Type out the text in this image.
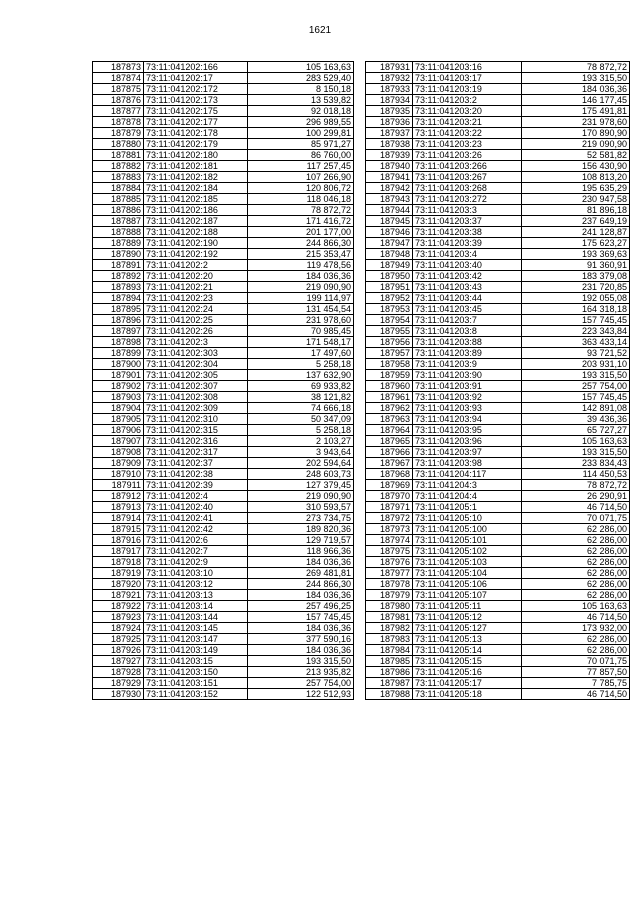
1621
187873	73:11:041202:166	105 163,63
187874	73:11:041202:17	283 529,40
187875	73:11:041202:172	8 150,18
187876	73:11:041202:173	13 539,82
187877	73:11:041202:175	92 018,18
187878	73:11:041202:177	296 989,55
187879	73:11:041202:178	100 299,81
187880	73:11:041202:179	85 971,27
187881	73:11:041202:180	86 760,00
187882	73:11:041202:181	117 257,45
187883	73:11:041202:182	107 266,90
187884	73:11:041202:184	120 806,72
187885	73:11:041202:185	118 046,18
187886	73:11:041202:186	78 872,72
187887	73:11:041202:187	171 416,72
187888	73:11:041202:188	201 177,00
187889	73:11:041202:190	244 866,30
187890	73:11:041202:192	215 353,47
187891	73:11:041202:2	119 478,56
187892	73:11:041202:20	184 036,36
187893	73:11:041202:21	219 090,90
187894	73:11:041202:23	199 114,97
187895	73:11:041202:24	131 454,54
187896	73:11:041202:25	231 978,60
187897	73:11:041202:26	70 985,45
187898	73:11:041202:3	171 548,17
187899	73:11:041202:303	17 497,60
187900	73:11:041202:304	5 258,18
187901	73:11:041202:305	137 632,90
187902	73:11:041202:307	69 933,82
187903	73:11:041202:308	38 121,82
187904	73:11:041202:309	74 666,18
187905	73:11:041202:310	50 347,09
187906	73:11:041202:315	5 258,18
187907	73:11:041202:316	2 103,27
187908	73:11:041202:317	3 943,64
187909	73:11:041202:37	202 594,64
187910	73:11:041202:38	248 603,73
187911	73:11:041202:39	127 379,45
187912	73:11:041202:4	219 090,90
187913	73:11:041202:40	310 593,57
187914	73:11:041202:41	273 734,75
187915	73:11:041202:42	189 820,36
187916	73:11:041202:6	129 719,57
187917	73:11:041202:7	118 966,36
187918	73:11:041202:9	184 036,36
187919	73:11:041203:10	269 481,81
187920	73:11:041203:12	244 866,30
187921	73:11:041203:13	184 036,36
187922	73:11:041203:14	257 496,25
187923	73:11:041203:144	157 745,45
187924	73:11:041203:145	184 036,36
187925	73:11:041203:147	377 590,16
187926	73:11:041203:149	184 036,36
187927	73:11:041203:15	193 315,50
187928	73:11:041203:150	213 935,82
187929	73:11:041203:151	257 754,00
187930	73:11:041203:152	122 512,93
187931	73:11:041203:16	78 872,72
187932	73:11:041203:17	193 315,50
187933	73:11:041203:19	184 036,36
187934	73:11:041203:2	146 177,45
187935	73:11:041203:20	175 491,81
187936	73:11:041203:21	231 978,60
187937	73:11:041203:22	170 890,90
187938	73:11:041203:23	219 090,90
187939	73:11:041203:26	52 581,82
187940	73:11:041203:266	156 430,90
187941	73:11:041203:267	108 813,20
187942	73:11:041203:268	195 635,29
187943	73:11:041203:272	230 947,58
187944	73:11:041203:3	81 896,18
187945	73:11:041203:37	237 649,19
187946	73:11:041203:38	241 128,87
187947	73:11:041203:39	175 623,27
187948	73:11:041203:4	193 369,63
187949	73:11:041203:40	91 360,91
187950	73:11:041203:42	183 379,08
187951	73:11:041203:43	231 720,85
187952	73:11:041203:44	192 055,08
187953	73:11:041203:45	164 318,18
187954	73:11:041203:7	157 745,45
187955	73:11:041203:8	223 343,84
187956	73:11:041203:88	363 433,14
187957	73:11:041203:89	93 721,52
187958	73:11:041203:9	203 931,10
187959	73:11:041203:90	193 315,50
187960	73:11:041203:91	257 754,00
187961	73:11:041203:92	157 745,45
187962	73:11:041203:93	142 891,08
187963	73:11:041203:94	39 436,36
187964	73:11:041203:95	65 727,27
187965	73:11:041203:96	105 163,63
187966	73:11:041203:97	193 315,50
187967	73:11:041203:98	233 834,43
187968	73:11:041204:117	114 450,53
187969	73:11:041204:3	78 872,72
187970	73:11:041204:4	26 290,91
187971	73:11:041205:1	46 714,50
187972	73:11:041205:10	70 071,75
187973	73:11:041205:100	62 286,00
187974	73:11:041205:101	62 286,00
187975	73:11:041205:102	62 286,00
187976	73:11:041205:103	62 286,00
187977	73:11:041205:104	62 286,00
187978	73:11:041205:106	62 286,00
187979	73:11:041205:107	62 286,00
187980	73:11:041205:11	105 163,63
187981	73:11:041205:12	46 714,50
187982	73:11:041205:127	173 932,00
187983	73:11:041205:13	62 286,00
187984	73:11:041205:14	62 286,00
187985	73:11:041205:15	70 071,75
187986	73:11:041205:16	77 857,50
187987	73:11:041205:17	7 785,75
187988	73:11:041205:18	46 714,50
